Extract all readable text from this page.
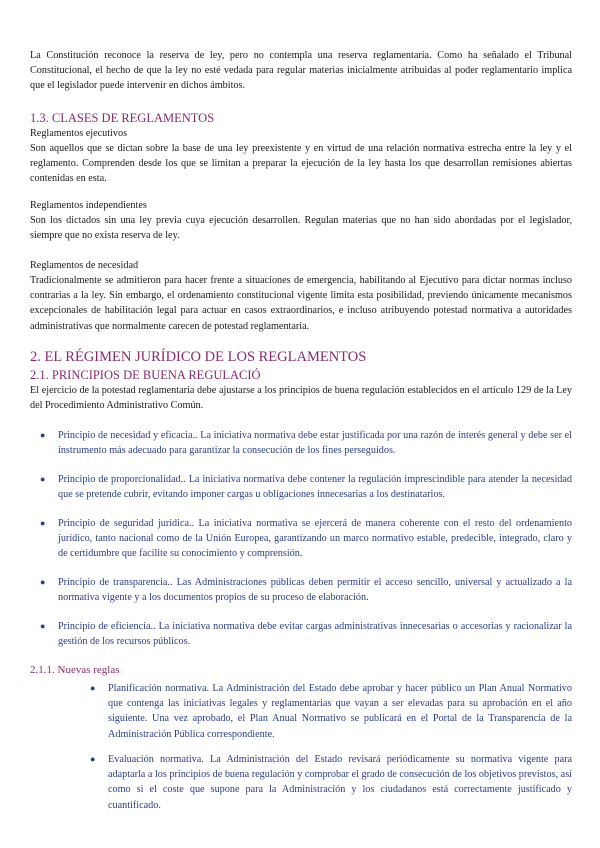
La Constitución reconoce la reserva de ley, pero no contempla una reserva reglamentaria. Como ha señalado el Tribunal Constitucional, el hecho de que la ley no esté vedada para regular materias inicialmente atribuidas al poder reglamentario implica que el legislador puede intervenir en dichos ámbitos.

1.3. CLASES DE REGLAMENTOS
Reglamentos ejecutivos

Son aquellos que se dictan sobre la base de una ley preexistente y en virtud de una relación normativa estrecha entre la ley y el reglamento. Comprenden desde los que se limitan a preparar la ejecución de la ley hasta los que desarrollan remisiones abiertas contenidas en esta.

Reglamentos independientes

Son los dictados sin una ley previa cuya ejecución desarrollen. Regulan materias que no han sido abordadas por el legislador, siempre que no exista reserva de ley.

Reglamentos de necesidad

Tradicionalmente se admitieron para hacer frente a situaciones de emergencia, habilitando al Ejecutivo para dictar normas incluso contrarias a la ley. Sin embargo, el ordenamiento constitucional vigente limita esta posibilidad, previendo únicamente mecanismos excepcionales de habilitación legal para actuar en casos extraordinarios, e incluso atribuyendo potestad normativa a autoridades administrativas que normalmente carecen de potestad reglamentaria.

2. EL RÉGIMEN JURÍDICO DE LOS REGLAMENTOS
2.1. PRINCIPIOS DE BUENA REGULACIÓ

El ejercicio de la potestad reglamentaria debe ajustarse a los principios de buena regulación establecidos en el artículo 129 de la Ley del Procedimiento Administrativo Común.

● Principio de necesidad y eficacia.. La iniciativa normativa debe estar justificada por una razón de interés general y debe ser el instrumento más adecuado para garantizar la consecución de los fines perseguidos.

● Principio de proporcionalidad.. La iniciativa normativa debe contener la regulación imprescindible para atender la necesidad que se pretende cubrir, evitando imponer cargas u obligaciones innecesarias a los destinatarios.

● Principio de seguridad jurídica.. La iniciativa normativa se ejercerá de manera coherente con el resto del ordenamiento jurídico, tanto nacional como de la Unión Europea, garantizando un marco normativo estable, predecible, integrado, claro y de certidumbre que facilite su conocimiento y comprensión.

● Principio de transparencia.. Las Administraciones públicas deben permitir el acceso sencillo, universal y actualizado a la normativa vigente y a los documentos propios de su proceso de elaboración.

● Principio de eficiencia.. La iniciativa normativa debe evitar cargas administrativas innecesarias o accesorias y racionalizar la gestión de los recursos públicos.

2.1.1. Nuevas reglas
● Planificación normativa. La Administración del Estado debe aprobar y hacer público un Plan Anual Normativo que contenga las iniciativas legales y reglamentarias que vayan a ser elevadas para su aprobación en el año siguiente. Una vez aprobado, el Plan Anual Normativo se publicará en el Portal de la Transparencia de la Administración Pública correspondiente.

● Evaluación normativa. La Administración del Estado revisará periódicamente su normativa vigente para adaptarla a los principios de buena regulación y comprobar el grado de consecución de los objetivos previstos, así como si el coste que supone para la Administración y los ciudadanos está correctamente justificado y cuantificado.
